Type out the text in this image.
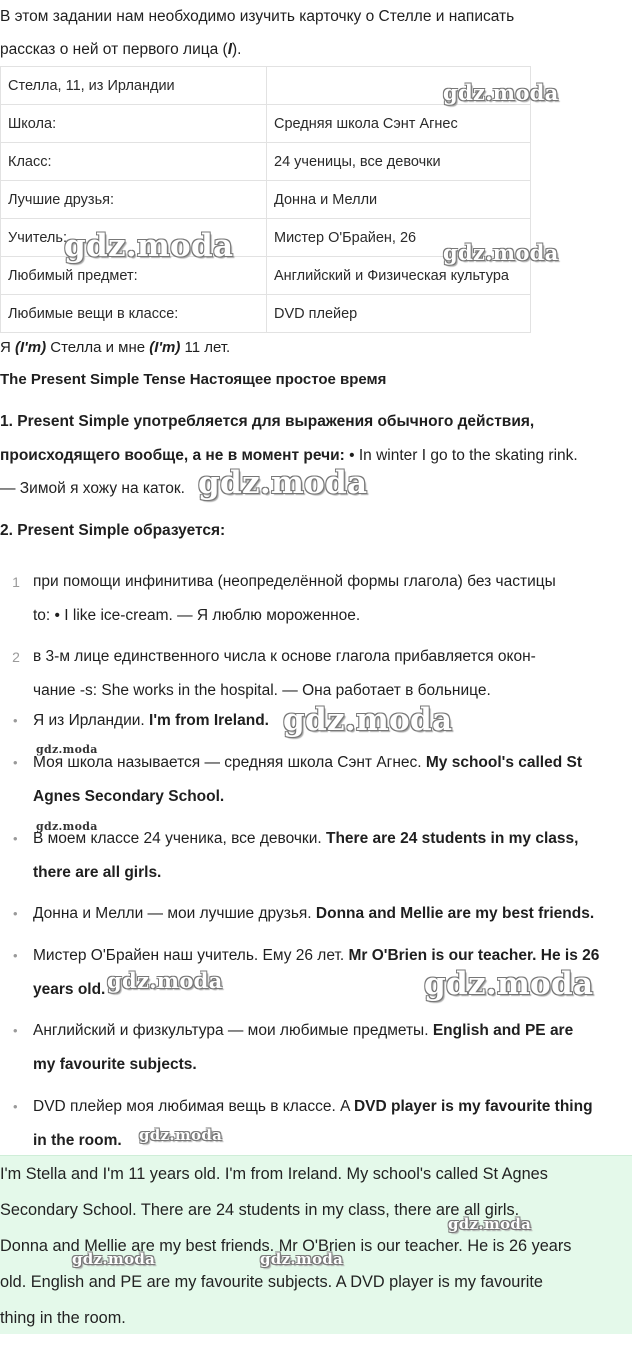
В этом задании нам необходимо изучить карточку о Стелле и написать

рассказ о ней от первого лица (I).

Стелла, 11, из Ирландии	
Школа:	Средняя школа Сэнт Агнес
Класс:	24 ученицы, все девочки
Лучшие друзья:	Донна и Мелли
Учитель:	Мистер О'Брайен, 26
Любимый предмет:	Английский и Физическая культура
Любимые вещи в классе:	DVD плейер

Я (I'm) Стелла и мне (I'm) 11 лет.

The Present Simple Tense Настоящее простое время

1. Present Simple употребляется для выражения обычного действия,

происходящего вообще, а не в момент речи: • In winter I go to the skating rink.

— Зимой я хожу на каток.

2. Present Simple образуется:

1 при помощи инфинитива (неопределённой формы глагола) без частицы
to: • I like ice-cream. — Я люблю мороженное.
2 в 3-м лице единственного числа к основе глагола прибавляется окон-
чание -s: She works in the hospital. — Она работает в больнице.
• Я из Ирландии. I'm from Ireland.
• Моя школа называется — средняя школа Сэнт Агнес. My school's called St
Agnes Secondary School.
• В моем классе 24 ученика, все девочки. There are 24 students in my class,
there are all girls.
• Донна и Мелли — мои лучшие друзья. Donna and Mellie are my best friends.
• Мистер О'Брайен наш учитель. Ему 26 лет. Mr O'Brien is our teacher. He is 26
years old.
• Английский и физкультура — мои любимые предметы. English and PE are
my favourite subjects.
• DVD плейер моя любимая вещь в классе. A DVD player is my favourite thing
in the room.

I'm Stella and I'm 11 years old. I'm from Ireland. My school's called St Agnes

Secondary School. There are 24 students in my class, there are all girls.

Donna and Mellie are my best friends. Mr O'Brien is our teacher. He is 26 years

old. English and PE are my favourite subjects. A DVD player is my favourite

thing in the room.

gdz.moda
gdz.moda	gdz.moda
gdz.moda
gdz.moda
gdz.moda
gdz.moda
gdz.moda	gdz.moda
gdz.moda
gdz.moda
gdz.moda	gdz.moda
